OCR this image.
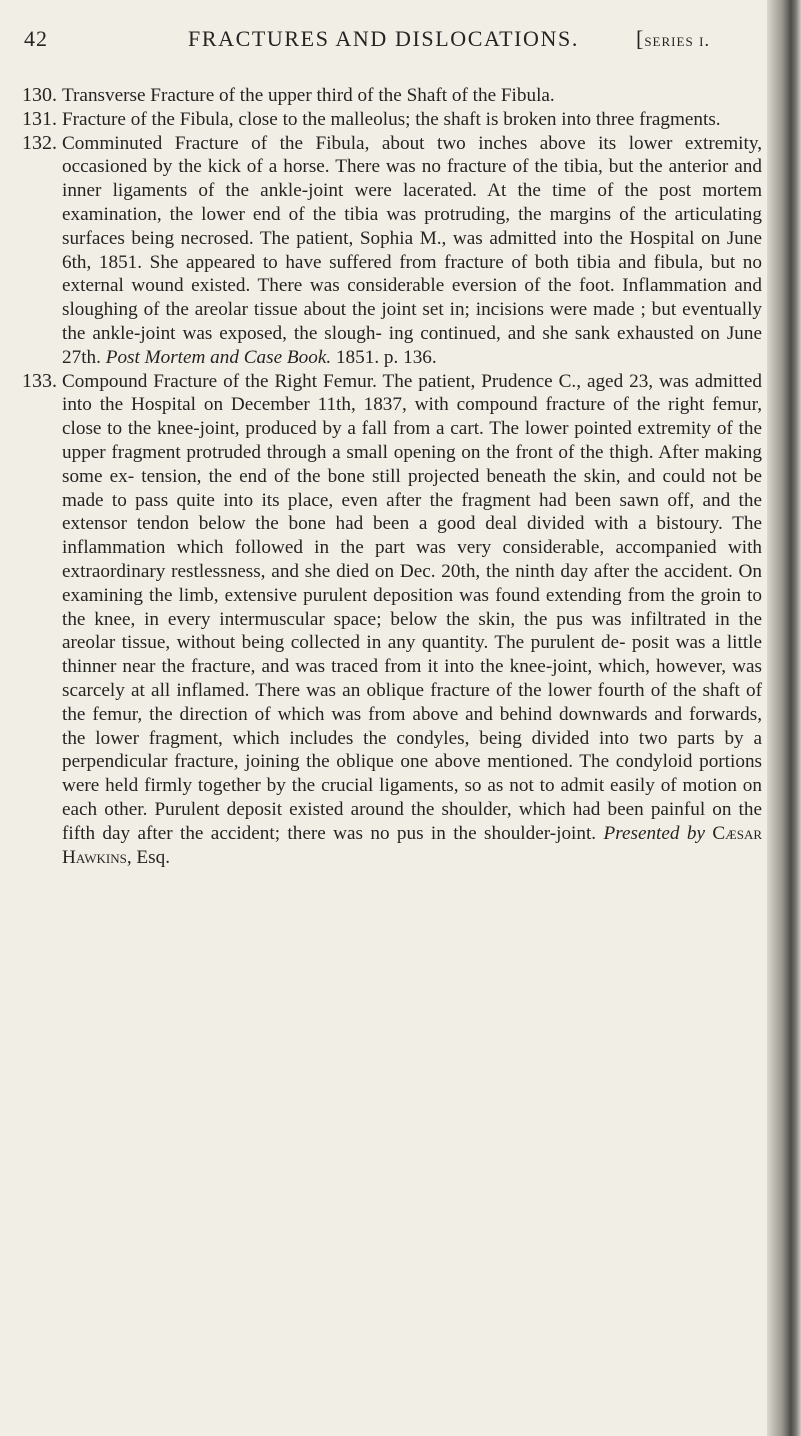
42	FRACTURES AND DISLOCATIONS.	[series i.
130. Transverse Fracture of the upper third of the Shaft of the Fibula.
131. Fracture of the Fibula, close to the malleolus; the shaft is broken into three fragments.
132. Comminuted Fracture of the Fibula, about two inches above its lower extremity, occasioned by the kick of a horse. There was no fracture of the tibia, but the anterior and inner ligaments of the ankle-joint were lacerated. At the time of the post mortem examination, the lower end of the tibia was protruding, the margins of the articulating surfaces being necrosed. The patient, Sophia M., was admitted into the Hospital on June 6th, 1851. She appeared to have suffered from fracture of both tibia and fibula, but no external wound existed. There was considerable eversion of the foot. Inflammation and sloughing of the areolar tissue about the joint set in; incisions were made ; but eventually the ankle-joint was exposed, the slough- ing continued, and she sank exhausted on June 27th. Post Mortem and Case Book. 1851. p. 136.
133. Compound Fracture of the Right Femur. The patient, Prudence C., aged 23, was admitted into the Hospital on December 11th, 1837, with compound fracture of the right femur, close to the knee-joint, produced by a fall from a cart. The lower pointed extremity of the upper fragment protruded through a small opening on the front of the thigh. After making some ex- tension, the end of the bone still projected beneath the skin, and could not be made to pass quite into its place, even after the fragment had been sawn off, and the extensor tendon below the bone had been a good deal divided with a bistoury. The inflammation which followed in the part was very considerable, accompanied with extraordinary restlessness, and she died on Dec. 20th, the ninth day after the accident. On examining the limb, extensive purulent deposition was found extending from the groin to the knee, in every intermuscular space; below the skin, the pus was infiltrated in the areolar tissue, without being collected in any quantity. The purulent de- posit was a little thinner near the fracture, and was traced from it into the knee-joint, which, however, was scarcely at all inflamed. There was an oblique fracture of the lower fourth of the shaft of the femur, the direction of which was from above and behind downwards and forwards, the lower fragment, which includes the condyles, being divided into two parts by a perpendicular fracture, joining the oblique one above mentioned. The condyloid portions were held firmly together by the crucial ligaments, so as not to admit easily of motion on each other. Purulent deposit existed around the shoulder, which had been painful on the fifth day after the accident; there was no pus in the shoulder-joint. Presented by Cæsar Hawkins, Esq.
